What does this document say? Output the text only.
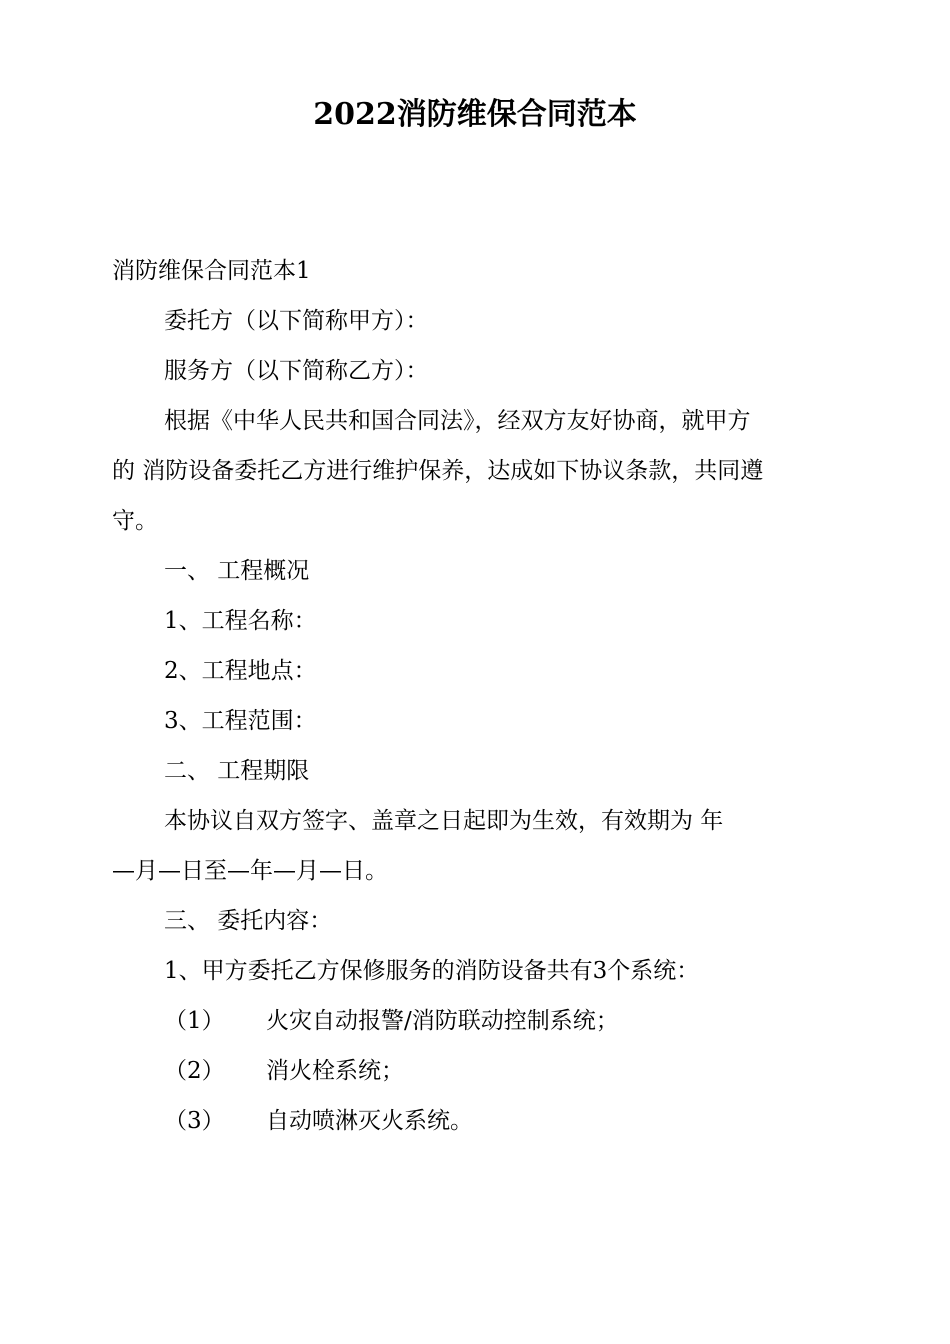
2022消防维保合同范本

消防维保合同范本1

委托方（以下简称甲方）：

服务方（以下简称乙方）：

根据《中华人民共和国合同法》，经双方友好协商，就甲方

的 消防设备委托乙方进行维护保养，达成如下协议条款，共同遵

守。

一、 工程概况

1、工程名称：

2、工程地点：

3、工程范围：

二、 工程期限

本协议自双方签字、盖章之日起即为生效，有效期为 年

—月—日至—年—月—日。

三、 委托内容：

1、甲方委托乙方保修服务的消防设备共有3个系统：

（1） 火灾自动报警/消防联动控制系统；
（2） 消火栓系统；
（3） 自动喷淋灭火系统。
